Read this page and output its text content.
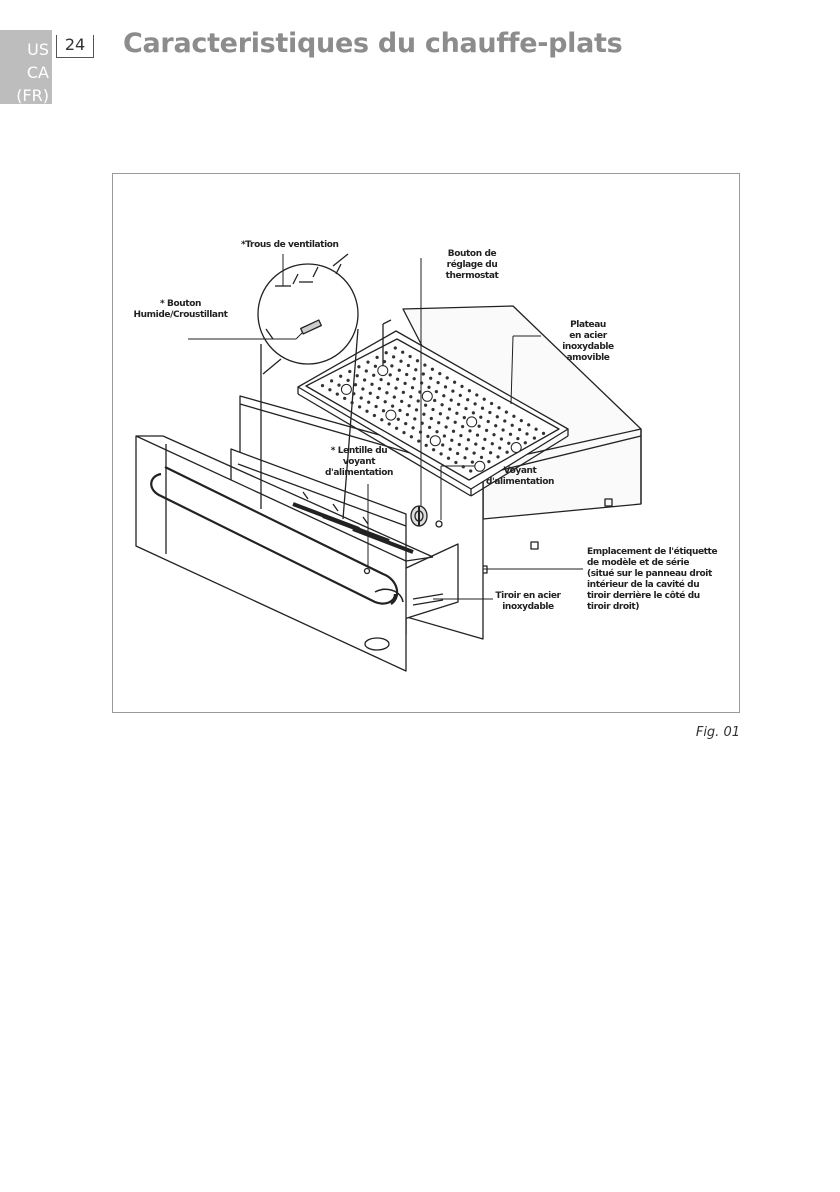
US CA
(FR)
24	Caracteristiques du chauffe-plats
*Trous de ventilation
Bouton de
réglage du
thermostat
* Bouton
Humide/Croustillant
Plateau
en acier
inoxydable
amovible
* Lentille du
voyant
d'alimentation	Voyant
d'alimentation
Emplacement de l'étiquette
de modèle et de série
(situé sur le panneau droit
intérieur de la cavité du
tiroir derrière le côté du
tiroir droit)
Tiroir en acier
inoxydable
Fig. 01
